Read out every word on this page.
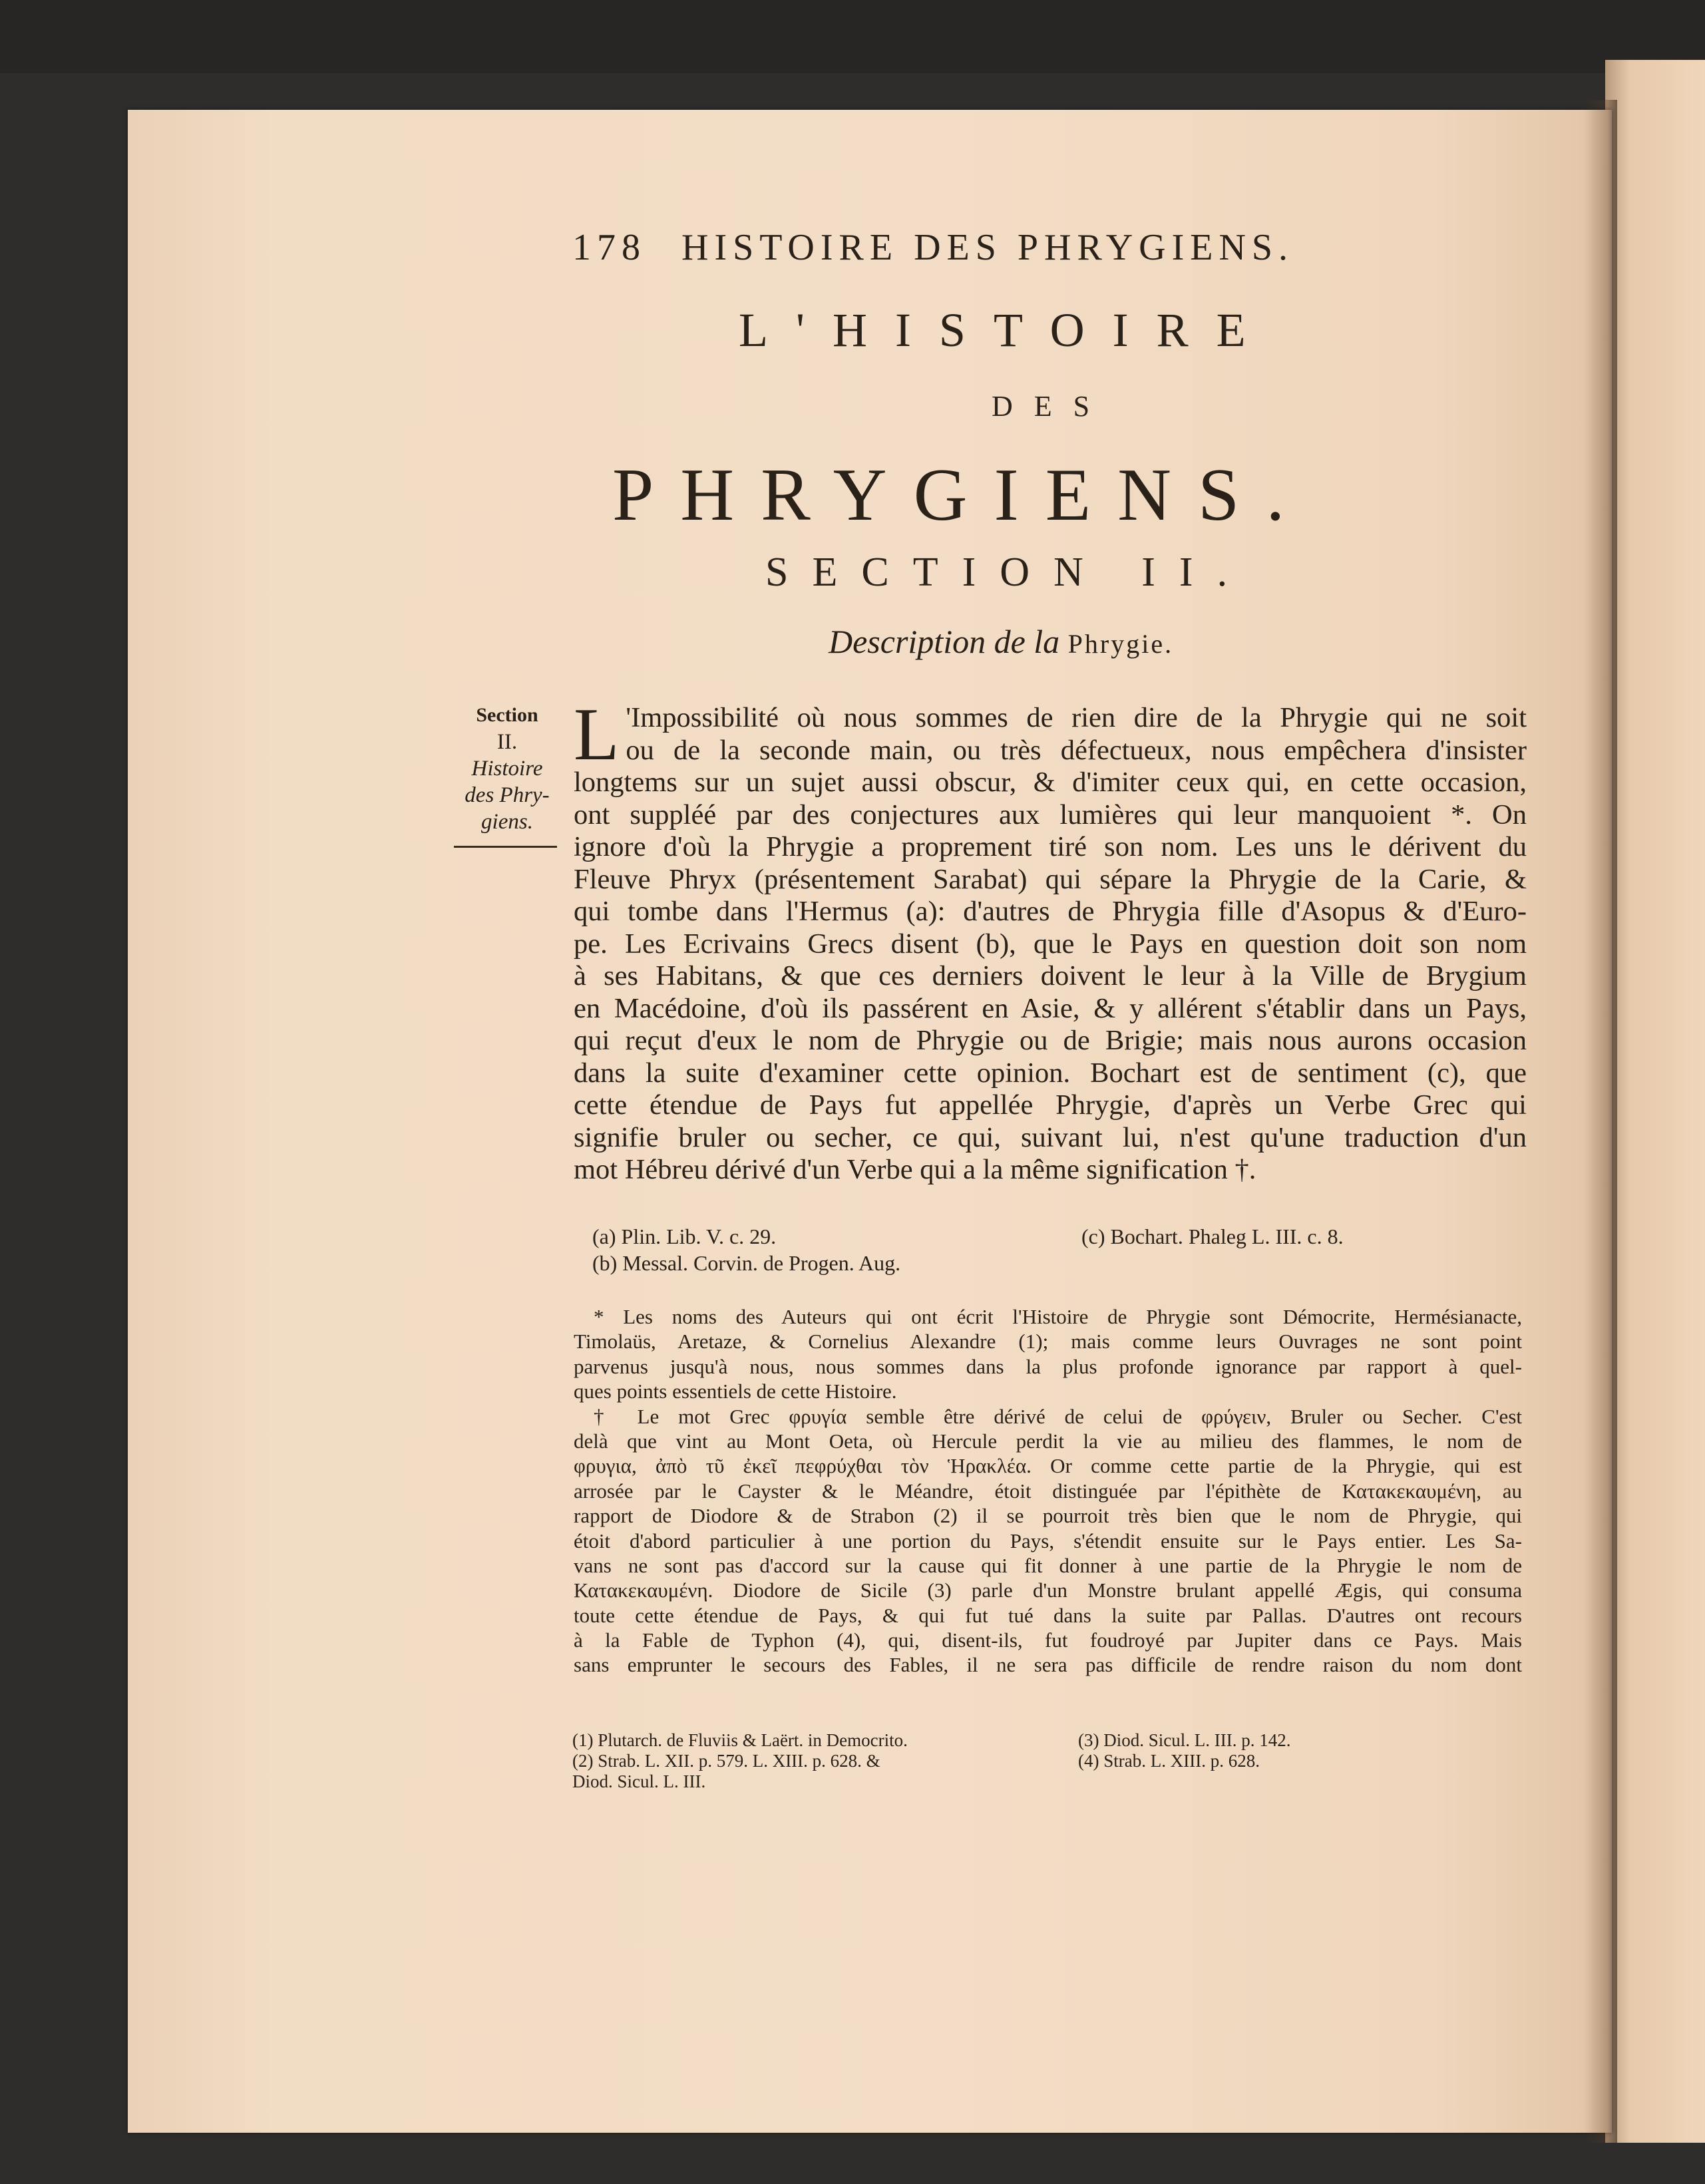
178 HISTOIRE DES PHRYGIENS.
L'HISTOIRE
DES
PHRYGIENS.
SECTION II.
Description de la Phrygie.
Section
II.
Histoire
des Phry-
giens.
L 'Impossibilité où nous sommes de rien dire de la Phrygie qui ne soit
ou de la seconde main, ou très défectueux, nous empêchera d'insister
longtems sur un sujet aussi obscur, & d'imiter ceux qui, en cette occasion,
ont suppléé par des conjectures aux lumières qui leur manquoient *. On
ignore d'où la Phrygie a proprement tiré son nom. Les uns le dérivent du
Fleuve Phryx (présentement Sarabat) qui sépare la Phrygie de la Carie, &
qui tombe dans l'Hermus (a): d'autres de Phrygia fille d'Asopus & d'Euro-
pe. Les Ecrivains Grecs disent (b), que le Pays en question doit son nom
à ses Habitans, & que ces derniers doivent le leur à la Ville de Brygium
en Macédoine, d'où ils passérent en Asie, & y allérent s'établir dans un Pays,
qui reçut d'eux le nom de Phrygie ou de Brigie; mais nous aurons occasion
dans la suite d'examiner cette opinion. Bochart est de sentiment (c), que
cette étendue de Pays fut appellée Phrygie, d'après un Verbe Grec qui
signifie bruler ou secher, ce qui, suivant lui, n'est qu'une traduction d'un
mot Hébreu dérivé d'un Verbe qui a la même signification †.
(a) Plin. Lib. V. c. 29.	(c) Bochart. Phaleg L. III. c. 8.
(b) Messal. Corvin. de Progen. Aug.
* Les noms des Auteurs qui ont écrit l'Histoire de Phrygie sont Démocrite, Hermésianacte,
Timolaüs, Aretaze, & Cornelius Alexandre (1); mais comme leurs Ouvrages ne sont point
parvenus jusqu'à nous, nous sommes dans la plus profonde ignorance par rapport à quel-
ques points essentiels de cette Histoire.
† Le mot Grec φρυγία semble être dérivé de celui de φρύγειν, Bruler ou Secher. C'est
delà que vint au Mont Oeta, où Hercule perdit la vie au milieu des flammes, le nom de
φρυγια, ἀπὸ τῦ ἐκεῖ πεφρύχθαι τὸν Ἡρακλέα. Or comme cette partie de la Phrygie, qui est
arrosée par le Cayster & le Méandre, étoit distinguée par l'épithète de Κατακεκαυμένη, au
rapport de Diodore & de Strabon (2) il se pourroit très bien que le nom de Phrygie, qui
étoit d'abord particulier à une portion du Pays, s'étendit ensuite sur le Pays entier. Les Sa-
vans ne sont pas d'accord sur la cause qui fit donner à une partie de la Phrygie le nom de
Κατακεκαυμένη. Diodore de Sicile (3) parle d'un Monstre brulant appellé Ægis, qui consuma
toute cette étendue de Pays, & qui fut tué dans la suite par Pallas. D'autres ont recours
à la Fable de Typhon (4), qui, disent-ils, fut foudroyé par Jupiter dans ce Pays. Mais
sans emprunter le secours des Fables, il ne sera pas difficile de rendre raison du nom dont
(1) Plutarch. de Fluviis & Laërt. in Democrito.	(3) Diod. Sicul. L. III. p. 142.
(2) Strab. L. XII. p. 579. L. XIII. p. 628. &	(4) Strab. L. XIII. p. 628.
Diod. Sicul. L. III.
